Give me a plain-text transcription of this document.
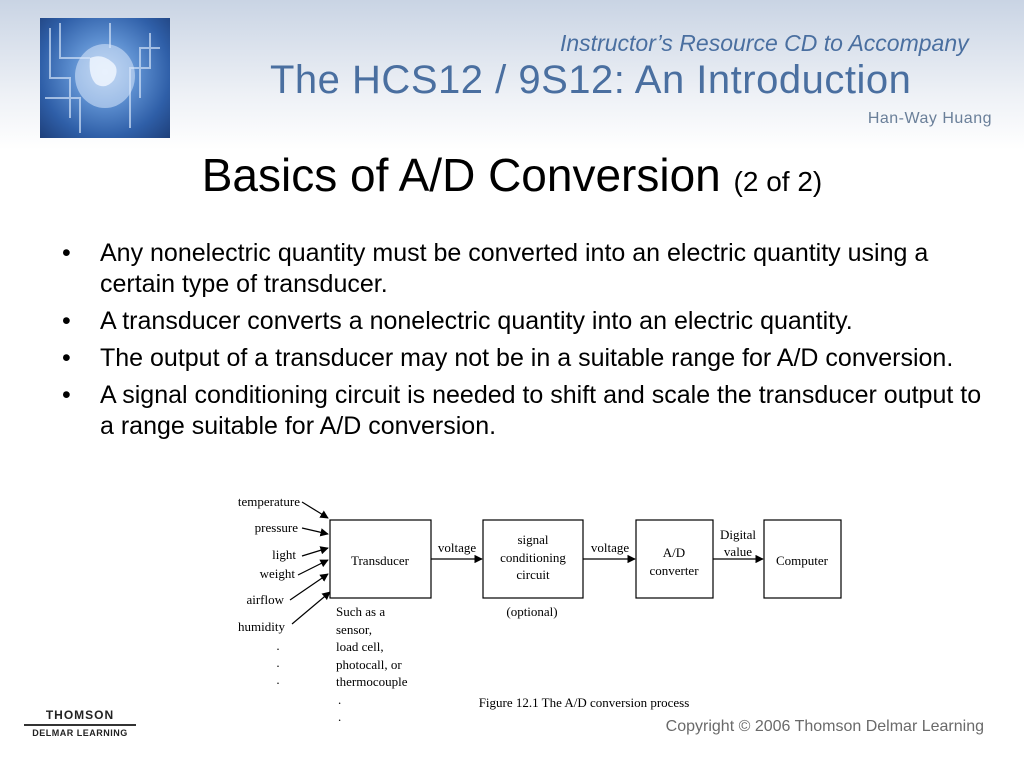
Instructor’s Resource CD to Accompany
The HCS12 / 9S12: An Introduction
Han-Way Huang
Basics of A/D Conversion (2 of 2)
• Any nonelectric quantity must be converted into an electric quantity using a certain type of transducer.
• A transducer converts a nonelectric quantity into an electric quantity.
• The output of a transducer may not be in a suitable range for A/D conversion.
• A signal conditioning circuit is needed to shift and scale the transducer output to a range suitable for A/D conversion.
temperature
pressure
light
weight
airflow
humidity
.
.
.
Transducer
signal
conditioning
circuit
A/D
converter
Computer
voltage	voltage
Digital
value
Such as a
sensor,
load cell,
photocall, or
thermocouple
.
.
(optional)
Figure 12.1 The A/D conversion process
THOMSON
DELMAR LEARNING	Copyright © 2006 Thomson Delmar Learning
